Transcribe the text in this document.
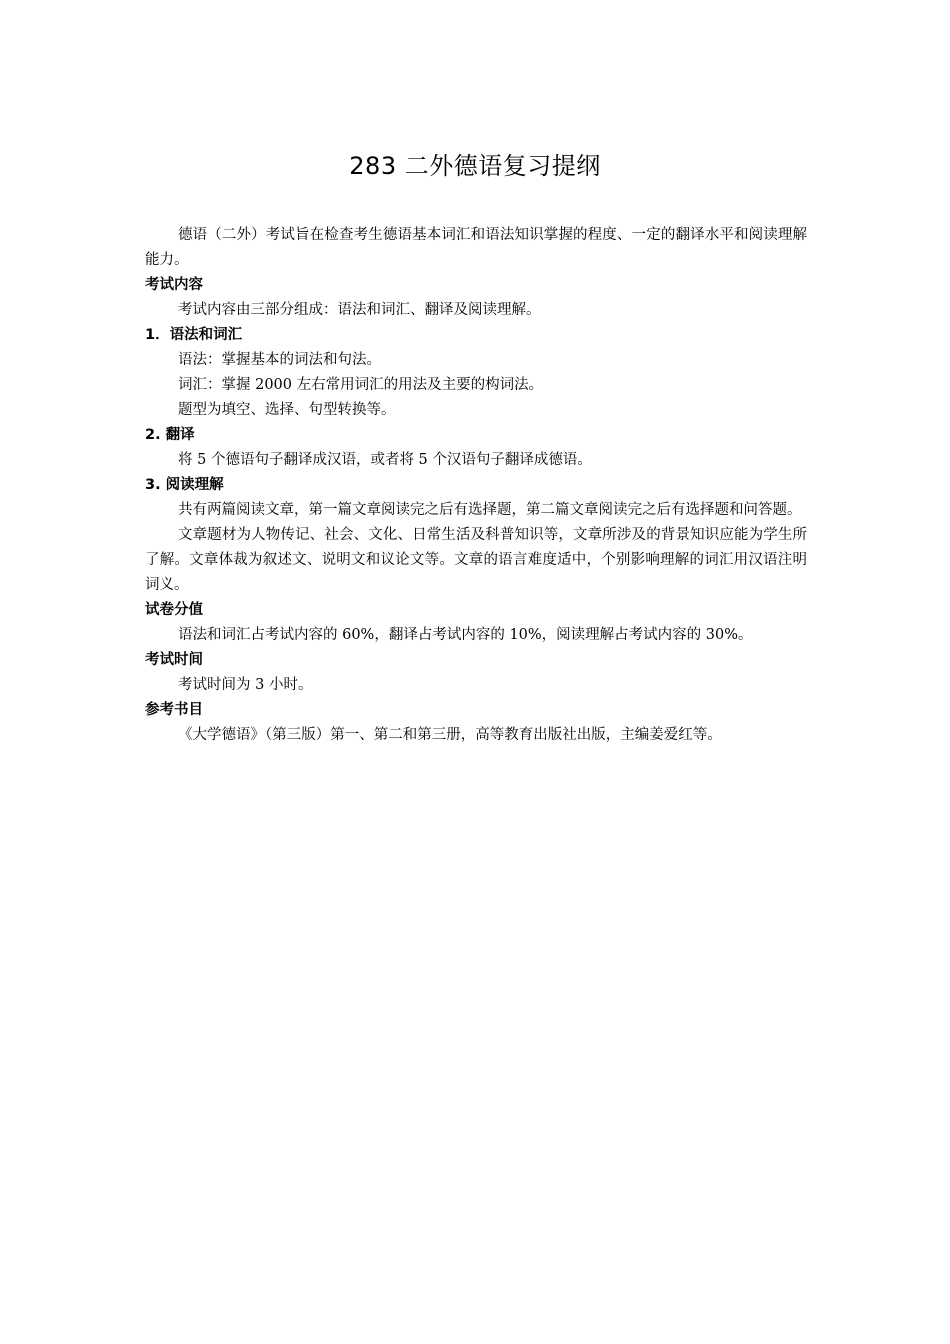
283 二外德语复习提纲

德语（二外）考试旨在检查考生德语基本词汇和语法知识掌握的程度、一定的翻译水平和阅读理解能力。

考试内容

考试内容由三部分组成：语法和词汇、翻译及阅读理解。

1．语法和词汇

语法：掌握基本的词法和句法。

词汇：掌握 2000 左右常用词汇的用法及主要的构词法。

题型为填空、选择、句型转换等。

2. 翻译

将 5 个德语句子翻译成汉语，或者将 5 个汉语句子翻译成德语。

3. 阅读理解

共有两篇阅读文章，第一篇文章阅读完之后有选择题，第二篇文章阅读完之后有选择题和问答题。

文章题材为人物传记、社会、文化、日常生活及科普知识等，文章所涉及的背景知识应能为学生所了解。文章体裁为叙述文、说明文和议论文等。文章的语言难度适中，个别影响理解的词汇用汉语注明词义。

试卷分值

语法和词汇占考试内容的 60%，翻译占考试内容的 10%，阅读理解占考试内容的 30%。

考试时间

考试时间为 3 小时。

参考书目

《大学德语》（第三版）第一、第二和第三册，高等教育出版社出版，主编姜爱红等。
